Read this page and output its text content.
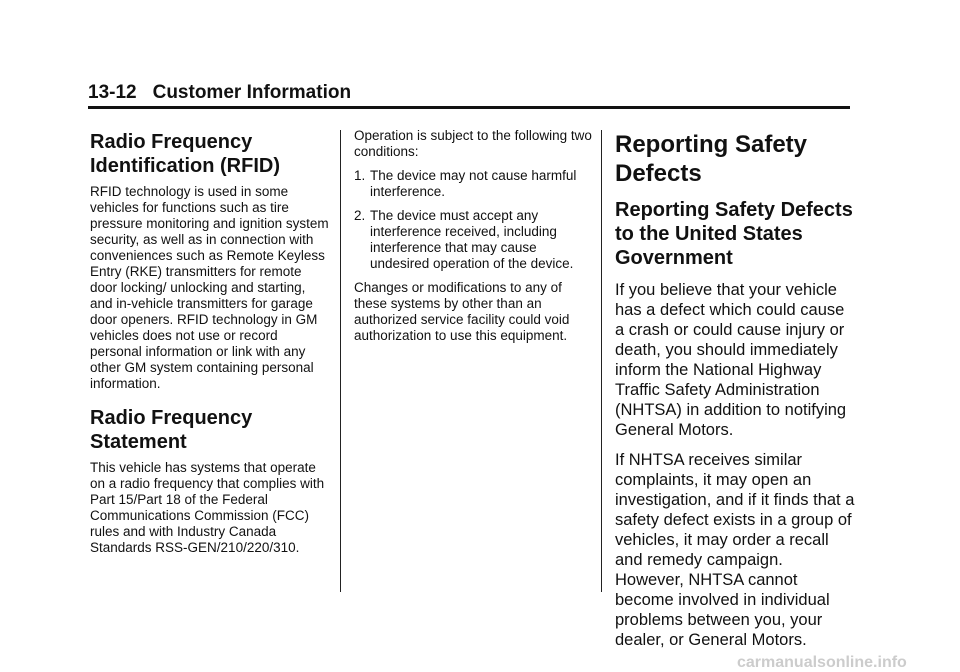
13-12 Customer Information
Radio Frequency Identification (RFID)

RFID technology is used in some vehicles for functions such as tire pressure monitoring and ignition system security, as well as in connection with conveniences such as Remote Keyless Entry (RKE) transmitters for remote door locking/ unlocking and starting, and in-vehicle transmitters for garage door openers. RFID technology in GM vehicles does not use or record personal information or link with any other GM system containing personal information.

Radio Frequency Statement

This vehicle has systems that operate on a radio frequency that complies with Part 15/Part 18 of the Federal Communications Commission (FCC) rules and with Industry Canada Standards RSS-GEN/210/220/310.

Operation is subject to the following two conditions:

1. The device may not cause harmful interference.
2. The device must accept any interference received, including interference that may cause undesired operation of the device.

Changes or modifications to any of these systems by other than an authorized service facility could void authorization to use this equipment.

Reporting Safety Defects
Reporting Safety Defects to the United States Government

If you believe that your vehicle has a defect which could cause a crash or could cause injury or death, you should immediately inform the National Highway Traffic Safety Administration (NHTSA) in addition to notifying General Motors.

If NHTSA receives similar complaints, it may open an investigation, and if it finds that a safety defect exists in a group of vehicles, it may order a recall and remedy campaign. However, NHTSA cannot become involved in individual problems between you, your dealer, or General Motors.

carmanualsonline.info
